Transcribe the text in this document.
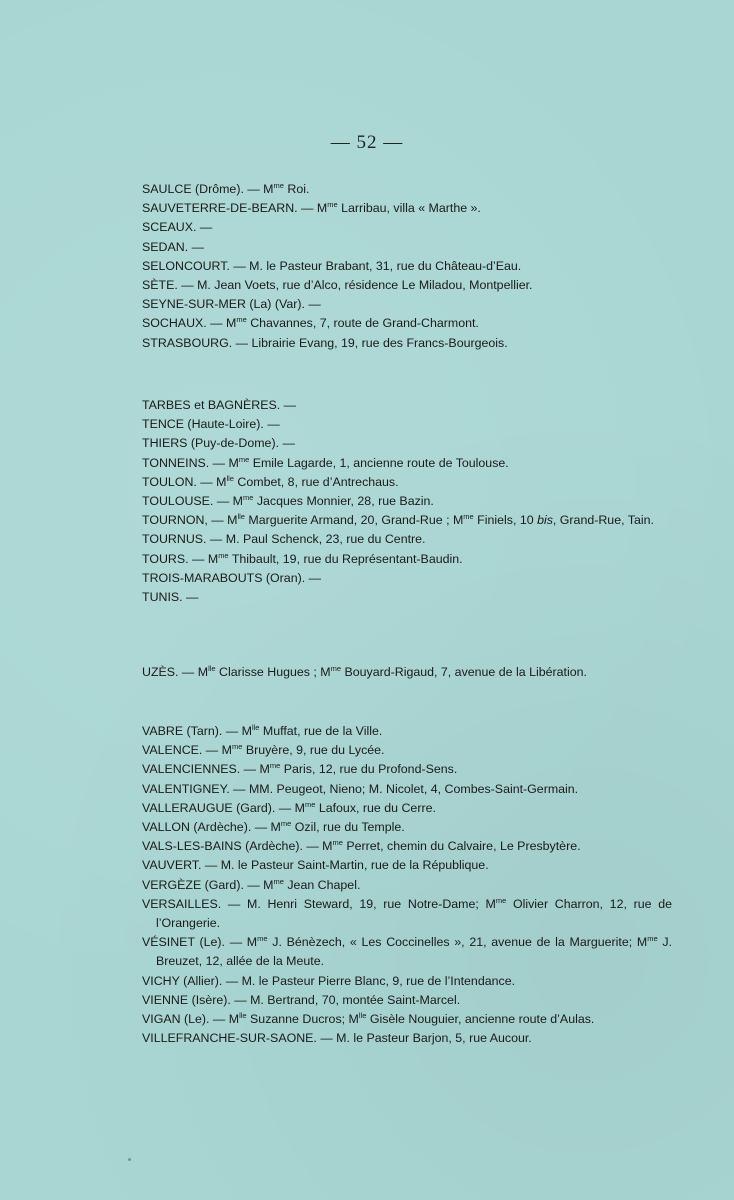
— 52 —
SAULCE (Drôme). — $M^{me}$ Roi.
SAUVETERRE-DE-BEARN. — $M^{me}$ Larribau, villa « Marthe ».
SCEAUX. —
SEDAN. —
SELONCOURT. — M. le Pasteur Brabant, 31, rue du Château-d’Eau.
SÈTE. — M. Jean Voets, rue d’Alco, résidence Le Miladou, Montpellier.
SEYNE-SUR-MER (La) (Var). —
SOCHAUX. — $M^{me}$ Chavannes, 7, route de Grand-Charmont.
STRASBOURG. — Librairie Evang, 19, rue des Francs-Bourgeois.
TARBES et BAGNÈRES. —
TENCE (Haute-Loire). —
THIERS (Puy-de-Dome). —
TONNEINS. — $M^{me}$ Emile Lagarde, 1, ancienne route de Toulouse.
TOULON. — $M^{lle}$ Combet, 8, rue d’Antrechaus.
TOULOUSE. — $M^{me}$ Jacques Monnier, 28, rue Bazin.
TOURNON, — $M^{lle}$ Marguerite Armand, 20, Grand-Rue ; $M^{me}$ Finiels, 10 bis, Grand-Rue, Tain.
TOURNUS. — M. Paul Schenck, 23, rue du Centre.
TOURS. — $M^{me}$ Thibault, 19, rue du Représentant-Baudin.
TROIS-MARABOUTS (Oran). —
TUNIS. —
UZÈS. — $M^{lle}$ Clarisse Hugues ; $M^{me}$ Bouyard-Rigaud, 7, avenue de la Libération.
VABRE (Tarn). — $M^{lle}$ Muffat, rue de la Ville.
VALENCE. — $M^{me}$ Bruyère, 9, rue du Lycée.
VALENCIENNES. — $M^{me}$ Paris, 12, rue du Profond-Sens.
VALENTIGNEY. — MM. Peugeot, Nieno; M. Nicolet, 4, Combes-Saint-Germain.
VALLERAUGUE (Gard). — $M^{me}$ Lafoux, rue du Cerre.
VALLON (Ardèche). — $M^{me}$ Ozil, rue du Temple.
VALS-LES-BAINS (Ardèche). — $M^{me}$ Perret, chemin du Calvaire, Le Presbytère.
VAUVERT. — M. le Pasteur Saint-Martin, rue de la République.
VERGÈZE (Gard). — $M^{me}$ Jean Chapel.
VERSAILLES. — M. Henri Steward, 19, rue Notre-Dame; $M^{me}$ Olivier Charron, 12, rue de l’Orangerie.
VÉSINET (Le). — $M^{me}$ J. Bénèzech, « Les Coccinelles », 21, avenue de la Marguerite; $M^{me}$ J. Breuzet, 12, allée de la Meute.
VICHY (Allier). — M. le Pasteur Pierre Blanc, 9, rue de l’Intendance.
VIENNE (Isère). — M. Bertrand, 70, montée Saint-Marcel.
VIGAN (Le). — $M^{lle}$ Suzanne Ducros; $M^{lle}$ Gisèle Nouguier, ancienne route d’Aulas.
VILLEFRANCHE-SUR-SAONE. — M. le Pasteur Barjon, 5, rue Aucour.
